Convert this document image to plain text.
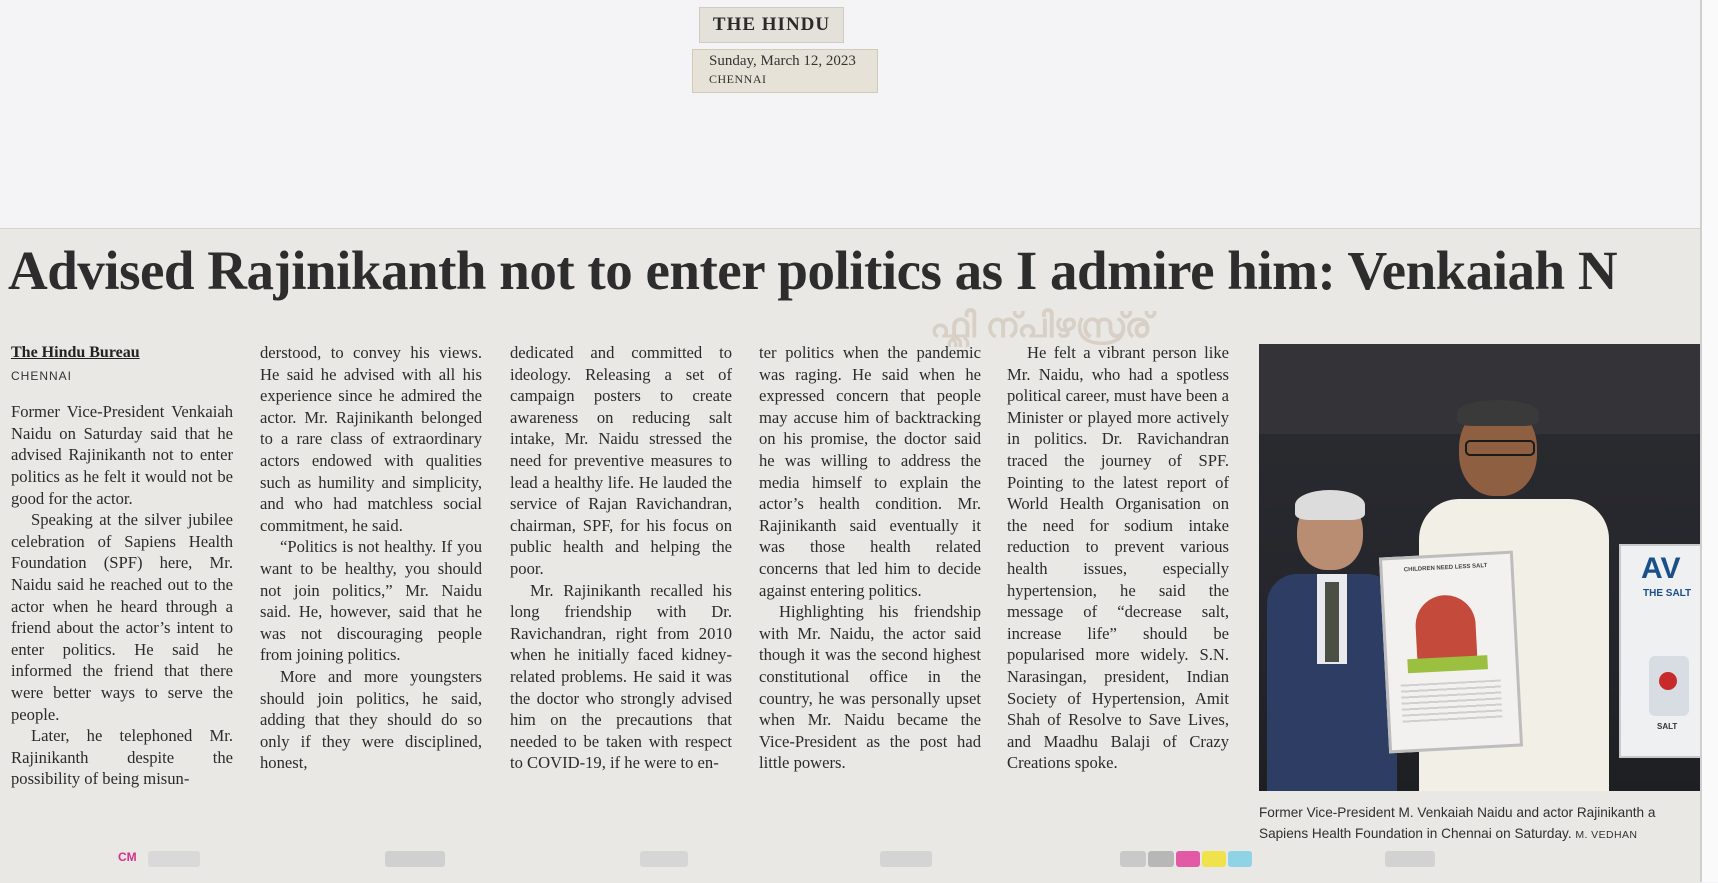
THE HINDU
Sunday, March 12, 2023
CHENNAI
Advised Rajinikanth not to enter politics as I admire him: Venkaiah N
ഫ്ല്ലി ന്പിഴസ്ര്ര്
The Hindu Bureau
CHENNAI

Former Vice-President Venkaiah Naidu on Saturday said that he advised Rajinikanth not to enter politics as he felt it would not be good for the actor.

Speaking at the silver jubilee celebration of Sapiens Health Foundation (SPF) here, Mr. Naidu said he reached out to the actor when he heard through a friend about the actor’s intent to enter politics. He said he informed the friend that there were better ways to serve the people.

Later, he telephoned Mr. Rajinikanth despite the possibility of being misun-

derstood, to convey his views. He said he advised with all his experience since he admired the actor. Mr. Rajinikanth belonged to a rare class of extraordinary actors endowed with qualities such as humility and simplicity, and who had matchless social commitment, he said.

“Politics is not healthy. If you want to be healthy, you should not join politics,” Mr. Naidu said. He, however, said that he was not discouraging people from joining politics.

More and more youngsters should join politics, he said, adding that they should do so only if they were disciplined, honest,

dedicated and committed to ideology. Releasing a set of campaign posters to create awareness on reducing salt intake, Mr. Naidu stressed the need for preventive measures to lead a healthy life. He lauded the service of Rajan Ravichandran, chairman, SPF, for his focus on public health and helping the poor.

Mr. Rajinikanth recalled his long friendship with Dr. Ravichandran, right from 2010 when he initially faced kidney-related problems. He said it was the doctor who strongly advised him on the precautions that needed to be taken with respect to COVID-19, if he were to en-

ter politics when the pandemic was raging. He said when he expressed concern that people may accuse him of backtracking on his promise, the doctor said he was willing to address the media himself to explain the actor’s health condition. Mr. Rajinikanth said eventually it was those health related concerns that led him to decide against entering politics.

Highlighting his friendship with Mr. Naidu, the actor said though it was the second highest constitutional office in the country, he was personally upset when Mr. Naidu became the Vice-President as the post had little powers.

He felt a vibrant person like Mr. Naidu, who had a spotless political career, must have been a Minister or played more actively in politics. Dr. Ravichandran traced the journey of SPF. Pointing to the latest report of World Health Organisation on the need for sodium intake reduction to prevent various health issues, especially hypertension, he said the message of “decrease salt, increase life” should be popularised more widely. S.N. Narasingan, president, Indian Society of Hypertension, Amit Shah of Resolve to Save Lives, and Maadhu Balaji of Crazy Creations spoke.

CHILDREN NEED LESS SALT	AV
THE SALT
SALT
Former Vice-President M. Venkaiah Naidu and actor Rajinikanth a
Sapiens Health Foundation in Chennai on Saturday. M. VEDHAN
CM
